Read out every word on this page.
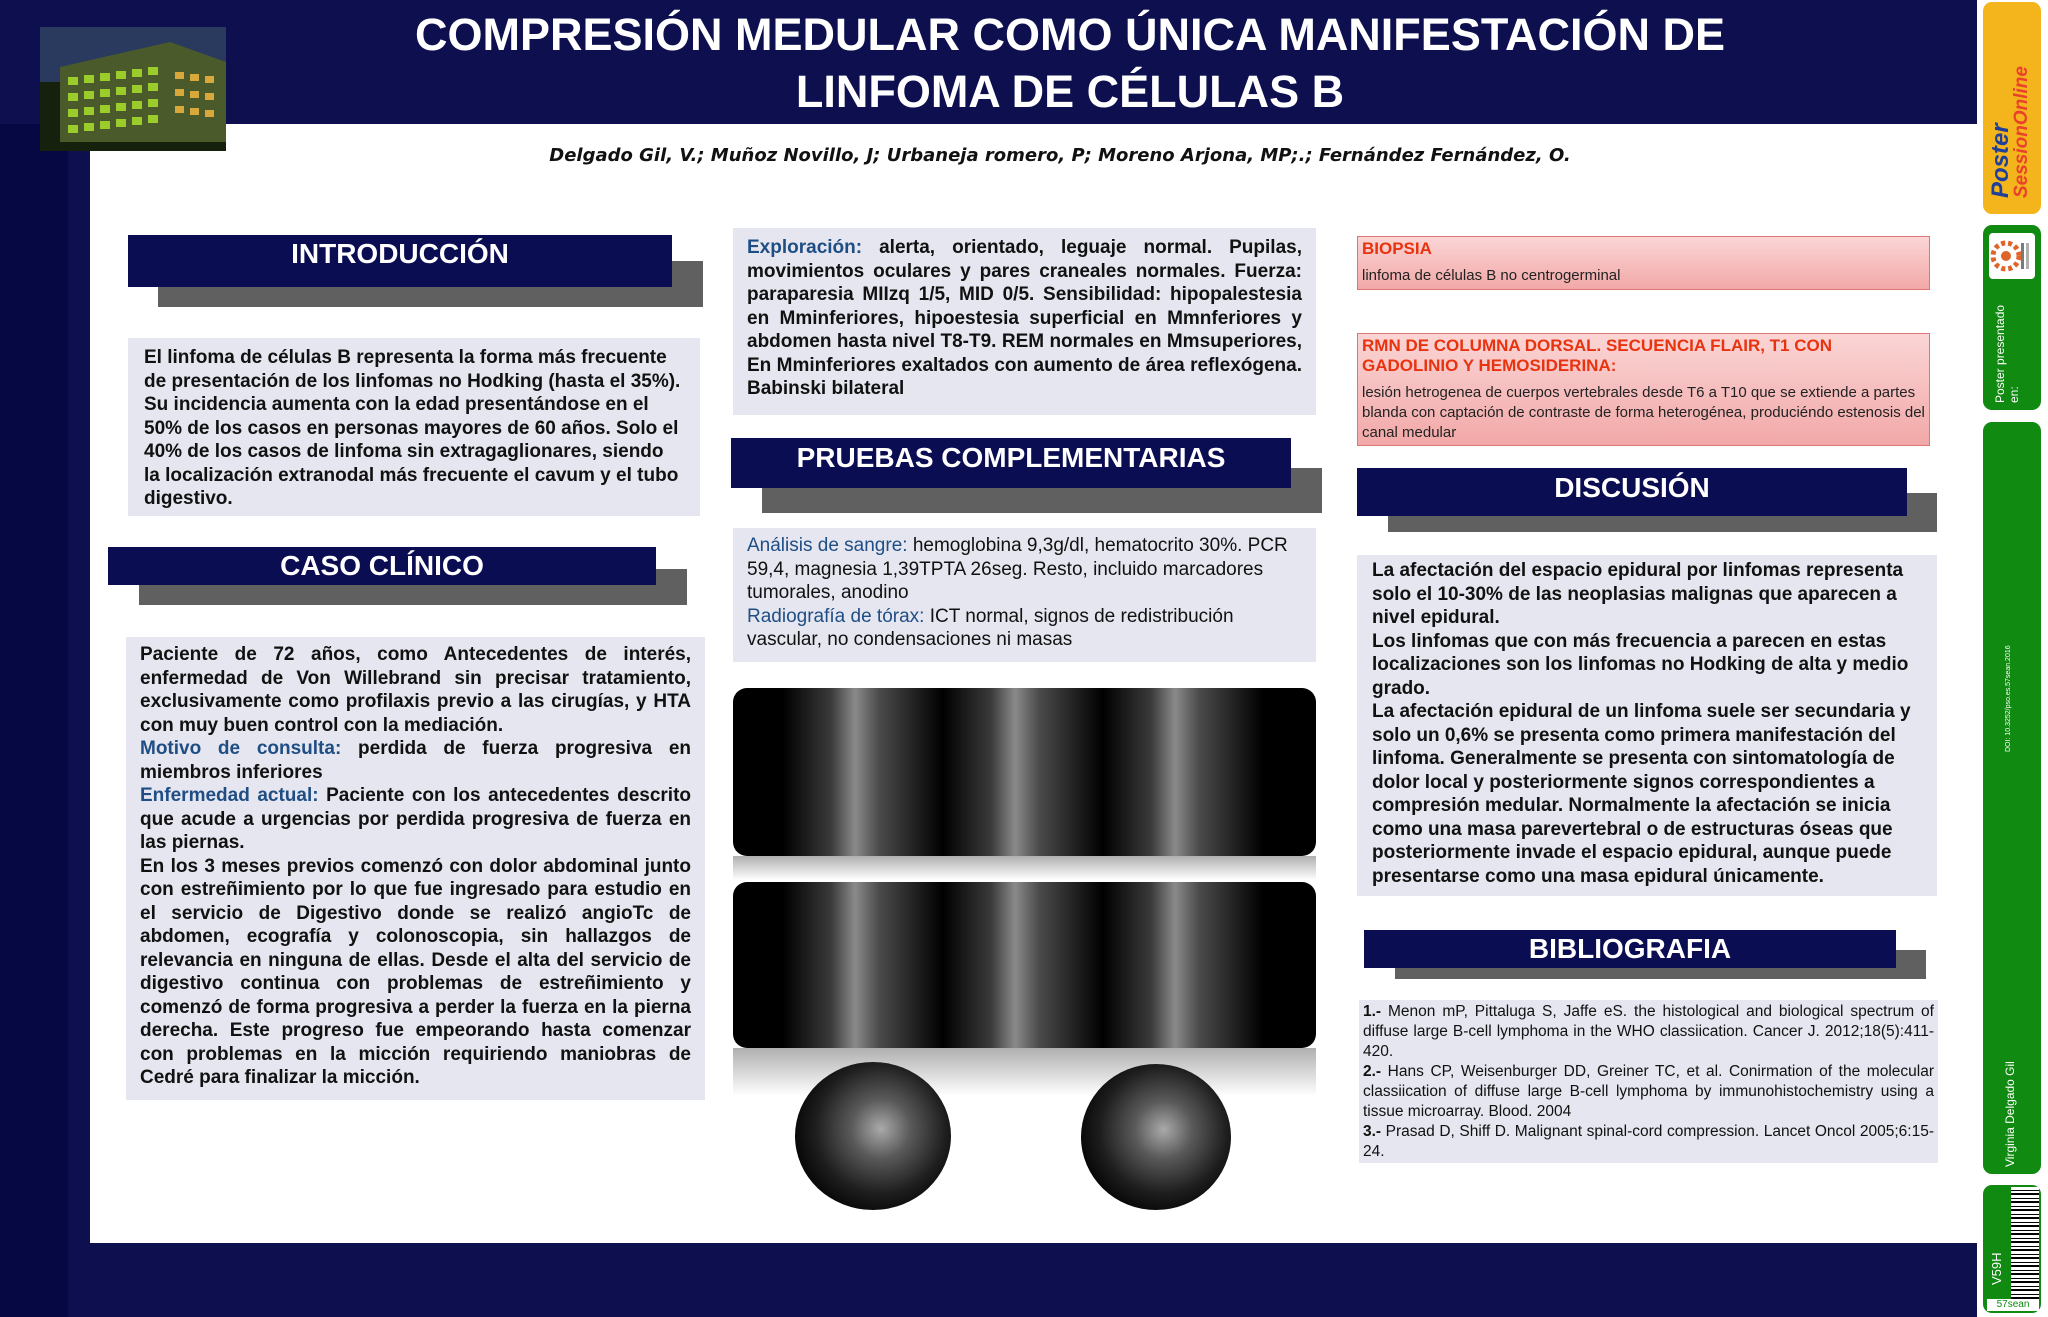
COMPRESIÓN MEDULAR COMO ÚNICA MANIFESTACIÓN DE
LINFOMA DE CÉLULAS B
Delgado Gil, V.; Muñoz Novillo, J; Urbaneja romero, P; Moreno Arjona, MP;.; Fernández Fernández, O.
INTRODUCCIÓN
El linfoma de células B representa la forma más frecuente de presentación de los linfomas no Hodking (hasta el 35%). Su incidencia aumenta con la edad presentándose en el 50% de los casos en personas mayores de 60 años. Solo el 40% de los casos de linfoma sin extragaglionares, siendo la localización extranodal más frecuente el cavum y el tubo digestivo.
CASO CLÍNICO
Paciente de 72 años, como Antecedentes de interés, enfermedad de Von Willebrand sin precisar tratamiento, exclusivamente como profilaxis previo a las cirugías, y HTA con muy buen control con la mediación.
Motivo de consulta: perdida de fuerza progresiva en miembros inferiores
Enfermedad actual: Paciente con los antecedentes descrito que acude a urgencias por perdida progresiva de fuerza en las piernas.
En los 3 meses previos comenzó con dolor abdominal junto con estreñimiento por lo que fue ingresado para estudio en el servicio de Digestivo donde se realizó angioTc de abdomen, ecografía y colonoscopia, sin hallazgos de relevancia en ninguna de ellas. Desde el alta del servicio de digestivo continua con problemas de estreñimiento y comenzó de forma progresiva a perder la fuerza en la pierna derecha. Este progreso fue empeorando hasta comenzar con problemas en la micción requiriendo maniobras de Cedré para finalizar la micción.
Exploración: alerta, orientado, leguaje normal. Pupilas, movimientos oculares y pares craneales normales. Fuerza: paraparesia MIIzq 1/5, MID 0/5. Sensibilidad: hipopalestesia en Mminferiores, hipoestesia superficial en Mmnferiores y abdomen hasta nivel T8-T9. REM normales en Mmsuperiores, En Mminferiores exaltados con aumento de área reflexógena. Babinski bilateral
PRUEBAS COMPLEMENTARIAS
Análisis de sangre: hemoglobina 9,3g/dl, hematocrito 30%. PCR 59,4, magnesia 1,39TPTA 26seg. Resto, incluido marcadores tumorales, anodino
Radiografía de tórax: ICT normal, signos de redistribución vascular, no condensaciones ni masas
BIOPSIA
linfoma de células B no centrogerminal
RMN DE COLUMNA DORSAL. SECUENCIA FLAIR, T1 CON GADOLINIO Y HEMOSIDERINA:
lesión hetrogenea de cuerpos vertebrales desde T6 a T10 que se extiende a partes blanda con captación de contraste de forma heterogénea, produciéndo estenosis del canal medular
DISCUSIÓN
La afectación del espacio epidural por linfomas representa solo el 10-30% de las neoplasias malignas que aparecen a nivel epidural.
Los linfomas que con más frecuencia a parecen en estas localizaciones son los linfomas no Hodking de alta y medio grado.
La afectación epidural de un linfoma suele ser secundaria y solo un 0,6% se presenta como primera manifestación del linfoma. Generalmente se presenta con sintomatología de dolor local y posteriormente signos correspondientes a compresión medular. Normalmente la afectación se inicia como una masa parevertebral o de estructuras óseas que posteriormente invade el espacio epidural, aunque puede presentarse como una masa epidural únicamente.
BIBLIOGRAFIA

1.- Menon mP, Pittaluga S, Jaffe eS. the histological and biological spectrum of diffuse large B-cell lymphoma in the WHO classiication. Cancer J. 2012;18(5):411-420.

2.- Hans CP, Weisenburger DD, Greiner TC, et al. Conirmation of the molecular classiication of diffuse large B-cell lymphoma by immunohistochemistry using a tissue microarray. Blood. 2004

3.- Prasad D, Shiff D. Malignant spinal-cord compression. Lancet Oncol 2005;6:15-24.

Poster
SessionOnline
Poster presentado en:
DOI: 10.3252/pso.es.57sean.2016
Virginia Delgado Gil
V59H
57sean
